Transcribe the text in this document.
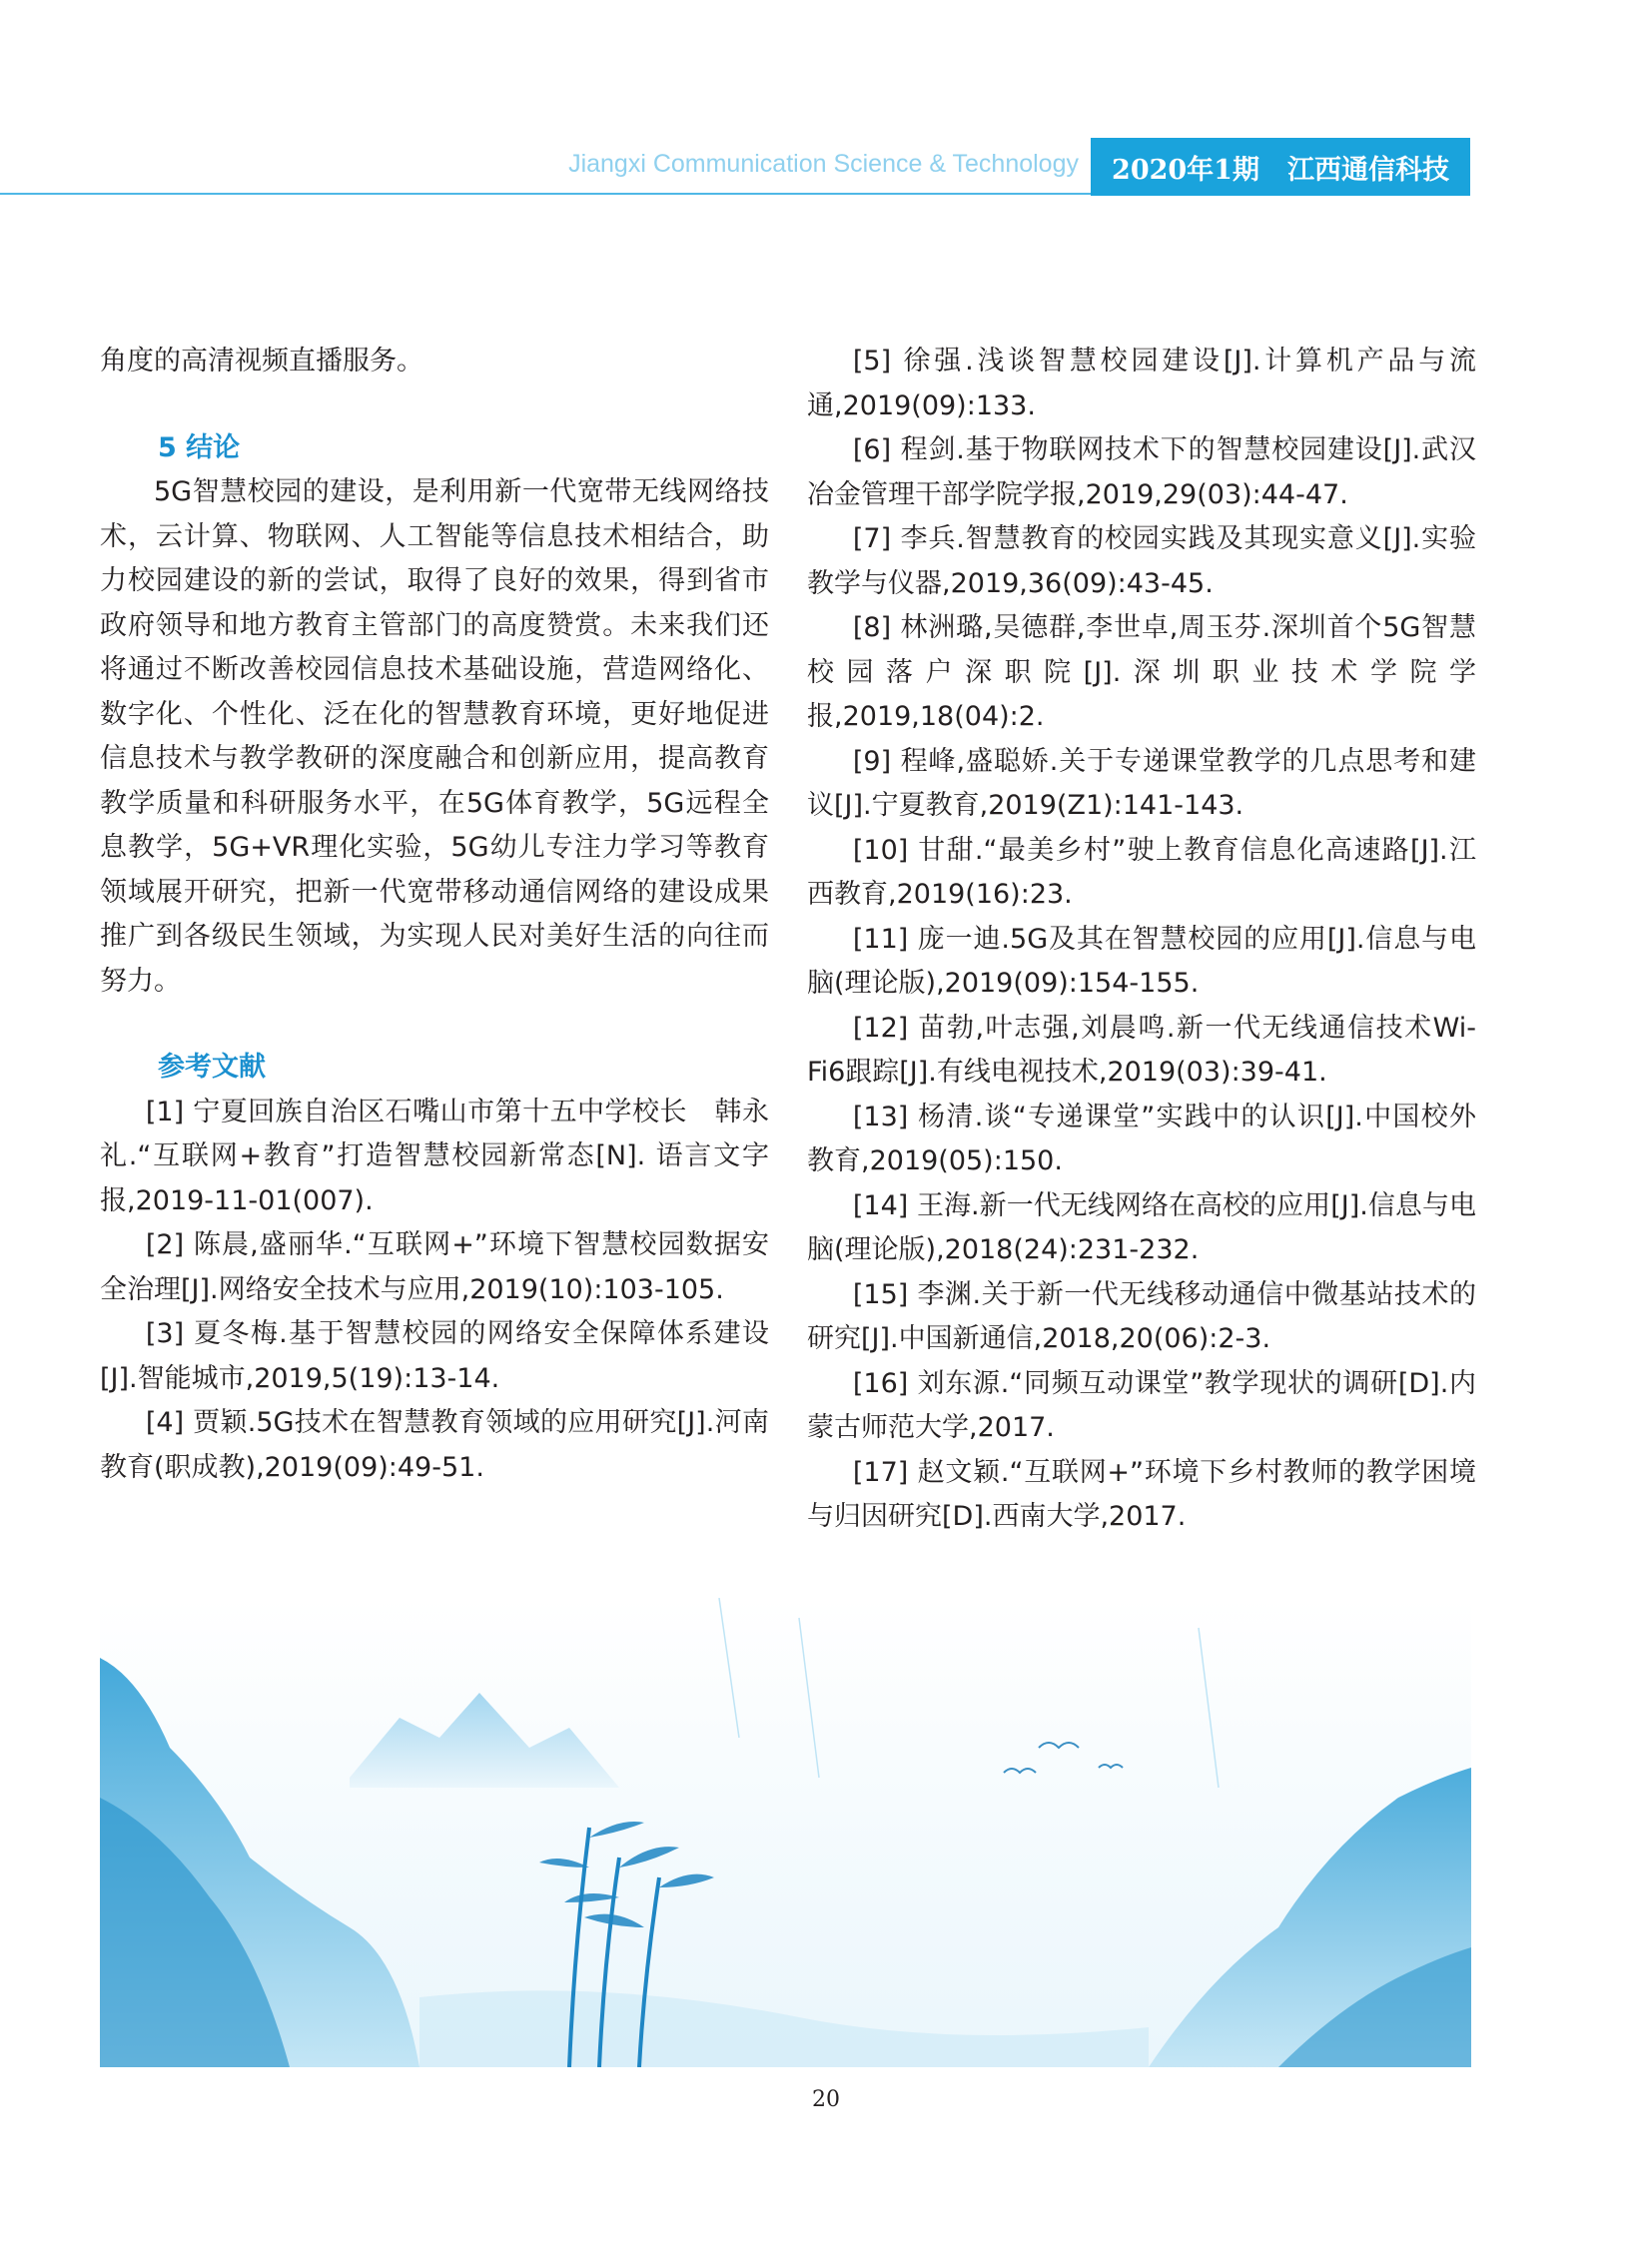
Jiangxi Communication Science & Technology 2020年1期 江西通信科技

角度的高清视频直播服务。

5 结论

5G智慧校园的建设，是利用新一代宽带无线网络技术，云计算、物联网、人工智能等信息技术相结合，助力校园建设的新的尝试，取得了良好的效果，得到省市政府领导和地方教育主管部门的高度赞赏。未来我们还将通过不断改善校园信息技术基础设施，营造网络化、数字化、个性化、泛在化的智慧教育环境，更好地促进信息技术与教学教研的深度融合和创新应用，提高教育教学质量和科研服务水平，在5G体育教学，5G远程全息教学，5G+VR理化实验，5G幼儿专注力学习等教育领域展开研究，把新一代宽带移动通信网络的建设成果推广到各级民生领域，为实现人民对美好生活的向往而努力。

参考文献

[1] 宁夏回族自治区石嘴山市第十五中学校长　韩永礼.“互联网+教育”打造智慧校园新常态[N]. 语言文字报,2019-11-01(007).

[2] 陈晨,盛丽华.“互联网+”环境下智慧校园数据安全治理[J].网络安全技术与应用,2019(10):103-105.

[3] 夏冬梅.基于智慧校园的网络安全保障体系建设[J].智能城市,2019,5(19):13-14.

[4] 贾颖.5G技术在智慧教育领域的应用研究[J].河南教育(职成教),2019(09):49-51.

[5] 徐强.浅谈智慧校园建设[J].计算机产品与流通,2019(09):133.

[6] 程剑.基于物联网技术下的智慧校园建设[J].武汉冶金管理干部学院学报,2019,29(03):44-47.

[7] 李兵.智慧教育的校园实践及其现实意义[J].实验教学与仪器,2019,36(09):43-45.

[8] 林洲璐,吴德群,李世卓,周玉芬.深圳首个5G智慧校园落户深职院[J].深圳职业技术学院学报,2019,18(04):2.

[9] 程峰,盛聪娇.关于专递课堂教学的几点思考和建议[J].宁夏教育,2019(Z1):141-143.

[10] 甘甜.“最美乡村”驶上教育信息化高速路[J].江西教育,2019(16):23.

[11] 庞一迪.5G及其在智慧校园的应用[J].信息与电脑(理论版),2019(09):154-155.

[12] 苗勃,叶志强,刘晨鸣.新一代无线通信技术Wi-Fi6跟踪[J].有线电视技术,2019(03):39-41.

[13] 杨清.谈“专递课堂”实践中的认识[J].中国校外教育,2019(05):150.

[14] 王海.新一代无线网络在高校的应用[J].信息与电脑(理论版),2018(24):231-232.

[15] 李渊.关于新一代无线移动通信中微基站技术的研究[J].中国新通信,2018,20(06):2-3.

[16] 刘东源.“同频互动课堂”教学现状的调研[D].内蒙古师范大学,2017.

[17] 赵文颖.“互联网+”环境下乡村教师的教学困境与归因研究[D].西南大学,2017.

20
